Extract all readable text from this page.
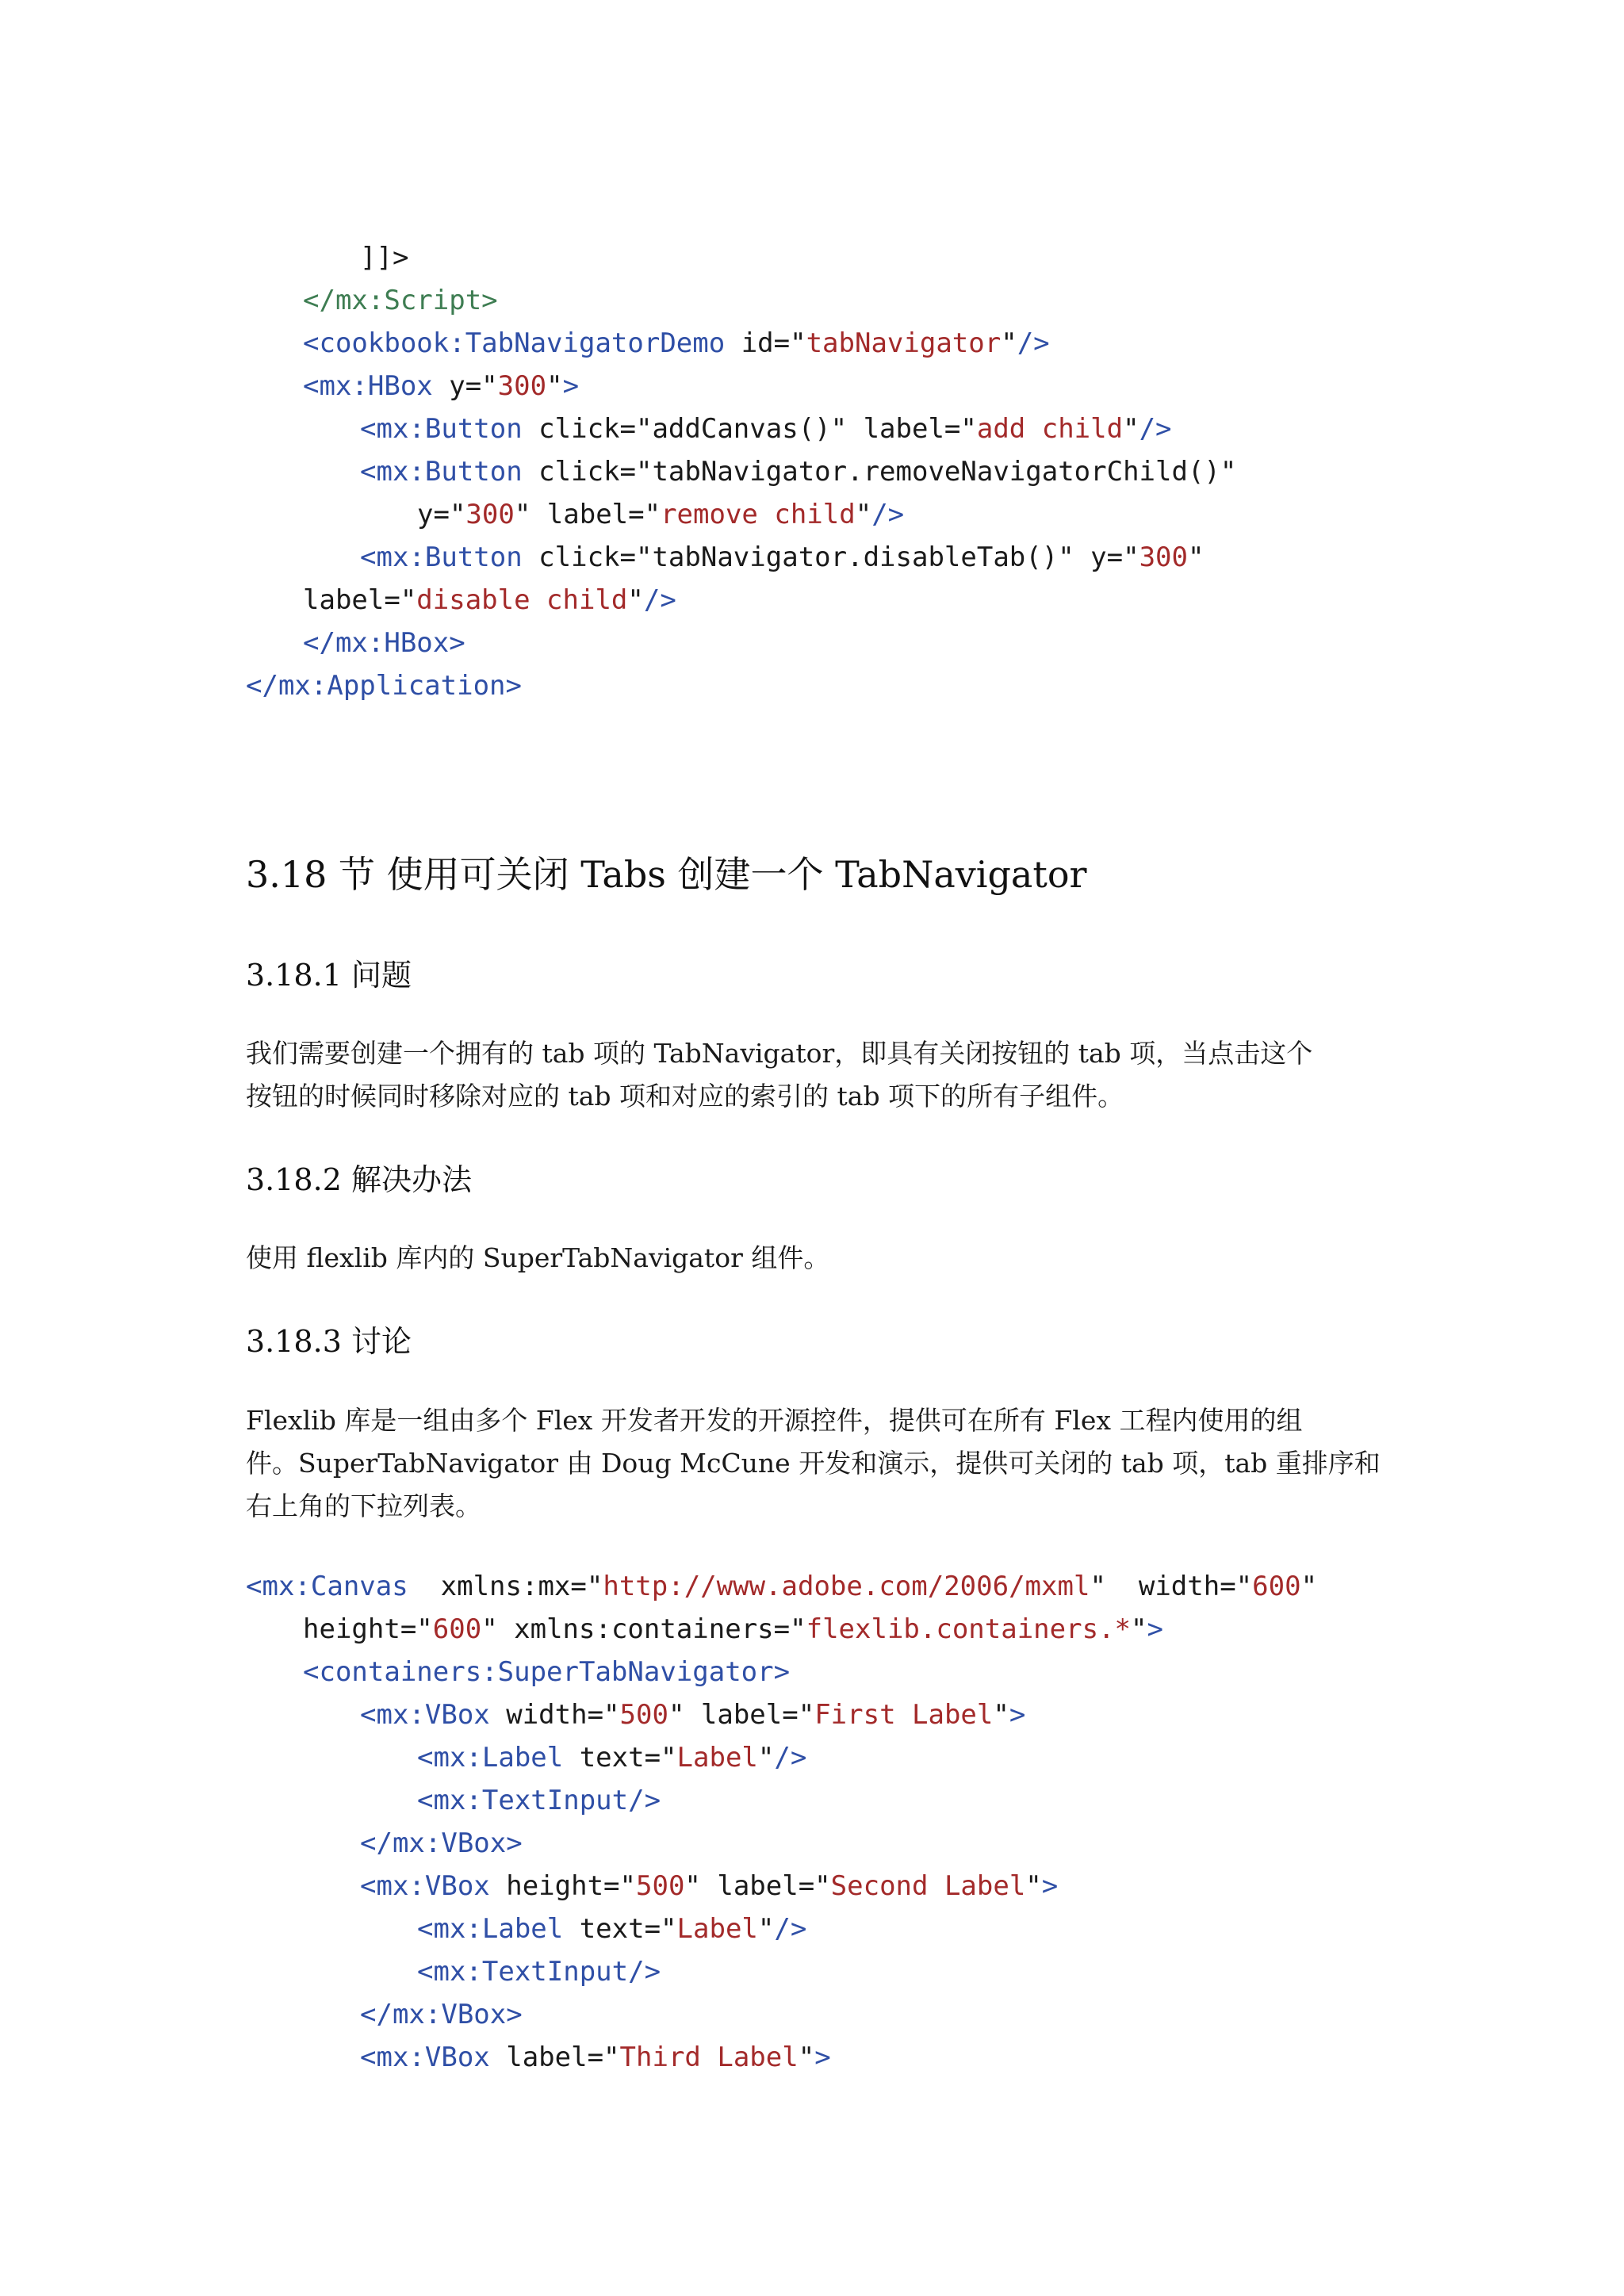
]]>
</mx:Script>
<cookbook:TabNavigatorDemo id="tabNavigator"/>
<mx:HBox y="300">
<mx:Button click="addCanvas()" label="add child"/>
<mx:Button click="tabNavigator.removeNavigatorChild()"
y="300" label="remove child"/>
<mx:Button click="tabNavigator.disableTab()" y="300"
label="disable child"/>
</mx:HBox>
</mx:Application>
3.18 节 使用可关闭 Tabs 创建一个 TabNavigator
3.18.1 问题
我们需要创建一个拥有的 tab 项的 TabNavigator，即具有关闭按钮的 tab 项，当点击这个
按钮的时候同时移除对应的 tab 项和对应的索引的 tab 项下的所有子组件。
3.18.2 解决办法
使用 flexlib 库内的 SuperTabNavigator 组件。
3.18.3 讨论
Flexlib 库是一组由多个 Flex 开发者开发的开源控件，提供可在所有 Flex 工程内使用的组
件。SuperTabNavigator 由 Doug McCune 开发和演示，提供可关闭的 tab 项，tab 重排序和
右上角的下拉列表。
<mx:Canvas  xmlns:mx="http://www.adobe.com/2006/mxml"  width="600"
height="600" xmlns:containers="flexlib.containers.*">
<containers:SuperTabNavigator>
<mx:VBox width="500" label="First Label">
<mx:Label text="Label"/>
<mx:TextInput/>
</mx:VBox>
<mx:VBox height="500" label="Second Label">
<mx:Label text="Label"/>
<mx:TextInput/>
</mx:VBox>
<mx:VBox label="Third Label">
